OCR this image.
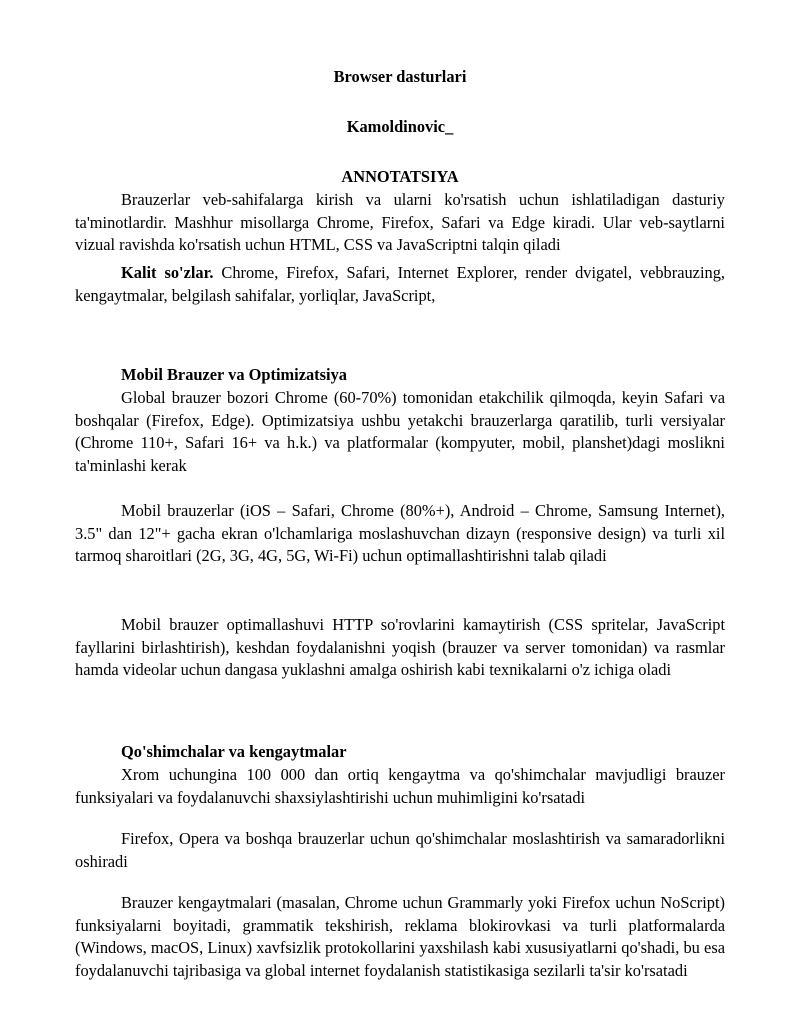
Browser dasturlari
Kamoldinovic_
ANNOTATSIYA
Brauzerlar veb-sahifalarga kirish va ularni ko'rsatish uchun ishlatiladigan dasturiy ta'minotlardir. Mashhur misollarga Chrome, Firefox, Safari va Edge kiradi. Ular veb-saytlarni vizual ravishda ko'rsatish uchun HTML, CSS va JavaScriptni talqin qiladi
Kalit so'zlar. Chrome, Firefox, Safari, Internet Explorer, render dvigatel, vebbrauzing, kengaytmalar, belgilash sahifalar, yorliqlar, JavaScript,
Mobil Brauzer va Optimizatsiya
Global brauzer bozori Chrome (60-70%) tomonidan etakchilik qilmoqda, keyin Safari va boshqalar (Firefox, Edge). Optimizatsiya ushbu yetakchi brauzerlarga qaratilib, turli versiyalar (Chrome 110+, Safari 16+ va h.k.) va platformalar (kompyuter, mobil, planshet)dagi moslikni ta'minlashi kerak
Mobil brauzerlar (iOS – Safari, Chrome (80%+), Android – Chrome, Samsung Internet), 3.5" dan 12"+ gacha ekran o'lchamlariga moslashuvchan dizayn (responsive design) va turli xil tarmoq sharoitlari (2G, 3G, 4G, 5G, Wi-Fi) uchun optimallashtirishni talab qiladi
Mobil brauzer optimallashuvi HTTP so'rovlarini kamaytirish (CSS spritelar, JavaScript fayllarini birlashtirish), keshdan foydalanishni yoqish (brauzer va server tomonidan) va rasmlar hamda videolar uchun dangasa yuklashni amalga oshirish kabi texnikalarni o'z ichiga oladi
Qo'shimchalar va kengaytmalar
Xrom uchungina 100 000 dan ortiq kengaytma va qo'shimchalar mavjudligi brauzer funksiyalari va foydalanuvchi shaxsiylashtirishi uchun muhimligini ko'rsatadi
Firefox, Opera va boshqa brauzerlar uchun qo'shimchalar moslashtirish va samaradorlikni oshiradi
Brauzer kengaytmalari (masalan, Chrome uchun Grammarly yoki Firefox uchun NoScript) funksiyalarni boyitadi, grammatik tekshirish, reklama blokirovkasi va turli platformalarda (Windows, macOS, Linux) xavfsizlik protokollarini yaxshilash kabi xususiyatlarni qo'shadi, bu esa foydalanuvchi tajribasiga va global internet foydalanish statistikasiga sezilarli ta'sir ko'rsatadi
